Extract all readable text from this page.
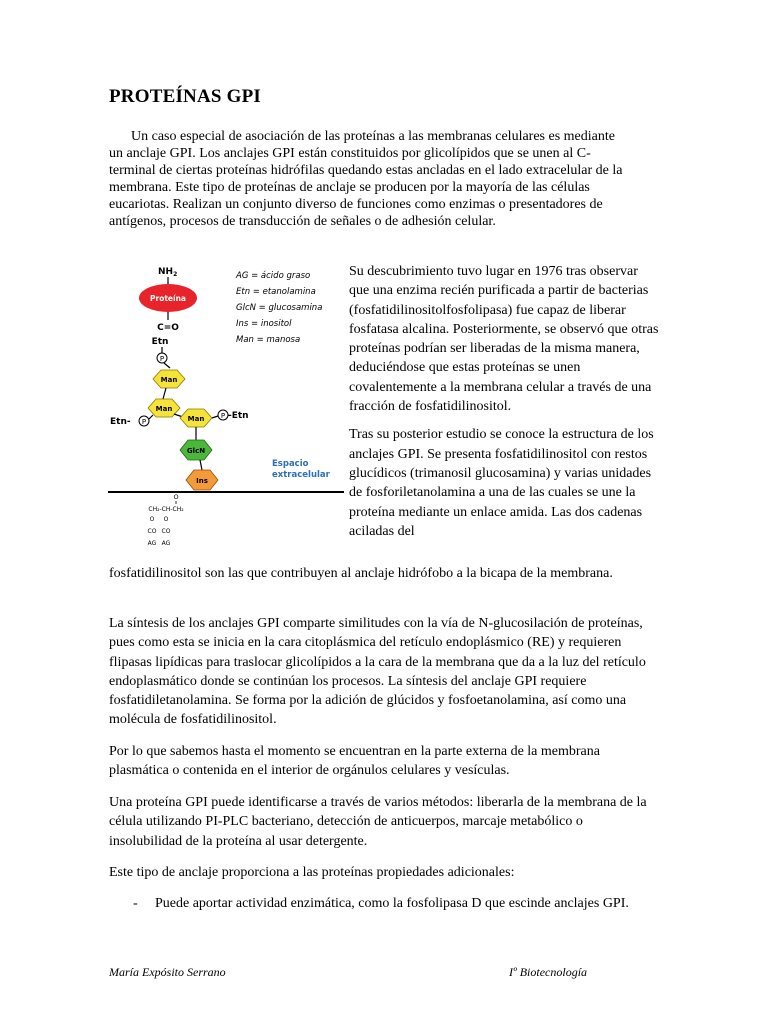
PROTEÍNAS GPI

Un caso especial de asociación de las proteínas a las membranas celulares es mediante un anclaje GPI. Los anclajes GPI están constituidos por glicolípidos que se unen al C-terminal de ciertas proteínas hidrófilas quedando estas ancladas en el lado extracelular de la membrana. Este tipo de proteínas de anclaje se producen por la mayoría de las células eucariotas. Realizan un conjunto diverso de funciones como enzimas o presentadores de antígenos, procesos de transducción de señales o de adhesión celular.

$NH_2$
Proteína
C=O
Etn
P
Man
Man
Etn- P	Man P -Etn
GlcN
Ins
AG = ácido graso
Etn = etanolamina
GlcN = glucosamina
Ins = inositol
Man = manosa
Espacio
extracelular
O
CH₂-CH-CH₂
O O
CO CO
AG AG

Su descubrimiento tuvo lugar en 1976 tras observar que una enzima recién purificada a partir de bacterias (fosfatidilinositolfosfolipasa) fue capaz de liberar fosfatasa alcalina. Posteriormente, se observó que otras proteínas podrían ser liberadas de la misma manera, deduciéndose que estas proteínas se unen covalentemente a la membrana celular a través de una fracción de fosfatidilinositol.

Tras su posterior estudio se conoce la estructura de los anclajes GPI. Se presenta fosfatidilinositol con restos glucídicos (trimanosil glucosamina) y varias unidades de fosforiletanolamina a una de las cuales se une la proteína mediante un enlace amida. Las dos cadenas aciladas del

fosfatidilinositol son las que contribuyen al anclaje hidrófobo a la bicapa de la membrana.

La síntesis de los anclajes GPI comparte similitudes con la vía de N-glucosilación de proteínas, pues como esta se inicia en la cara citoplásmica del retículo endoplásmico (RE) y requieren flipasas lipídicas para traslocar glicolípidos a la cara de la membrana que da a la luz del retículo endoplasmático donde se continúan los procesos. La síntesis del anclaje GPI requiere fosfatidiletanolamina. Se forma por la adición de glúcidos y fosfoetanolamina, así como una molécula de fosfatidilinositol.

Por lo que sabemos hasta el momento se encuentran en la parte externa de la membrana plasmática o contenida en el interior de orgánulos celulares y vesículas.

Una proteína GPI puede identificarse a través de varios métodos: liberarla de la membrana de la célula utilizando PI-PLC bacteriano, detección de anticuerpos, marcaje metabólico o insolubilidad de la proteína al usar detergente.

Este tipo de anclaje proporciona a las proteínas propiedades adicionales:

- Puede aportar actividad enzimática, como la fosfolipasa D que escinde anclajes GPI.
María Expósito Serrano	Iº Biotecnología
